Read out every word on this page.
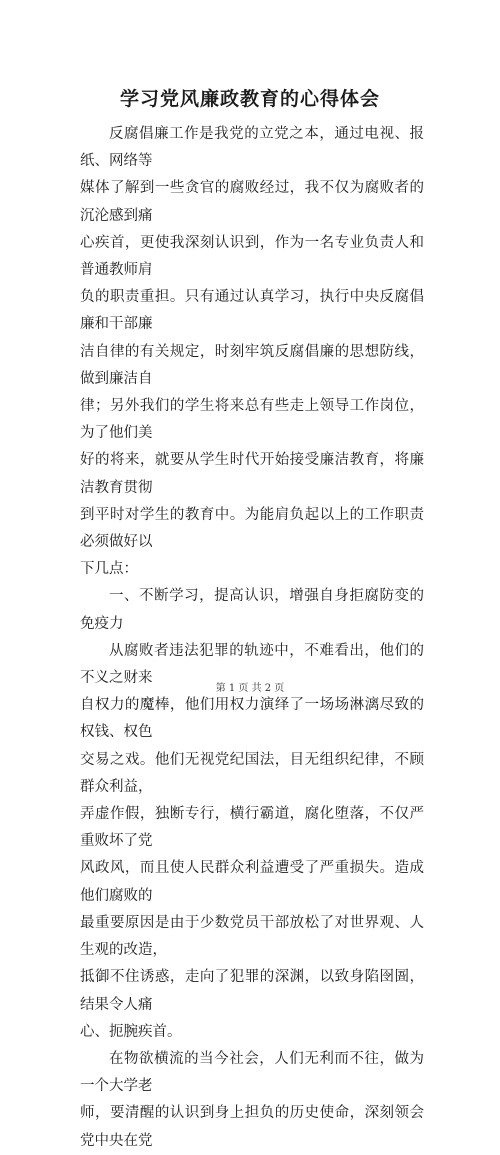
学习党风廉政教育的心得体会

反腐倡廉工作是我党的立党之本，通过电视、报纸、网络等
媒体了解到一些贪官的腐败经过，我不仅为腐败者的沉沦感到痛
心疾首，更使我深刻认识到，作为一名专业负责人和普通教师肩
负的职责重担。只有通过认真学习，执行中央反腐倡廉和干部廉
洁自律的有关规定，时刻牢筑反腐倡廉的思想防线，做到廉洁自
律；另外我们的学生将来总有些走上领导工作岗位，为了他们美
好的将来，就要从学生时代开始接受廉洁教育，将廉洁教育贯彻
到平时对学生的教育中。为能肩负起以上的工作职责必须做好以
下几点：

一、不断学习，提高认识，增强自身拒腐防变的免疫力

从腐败者违法犯罪的轨迹中，不难看出，他们的不义之财来
自权力的魔棒，他们用权力演绎了一场场淋漓尽致的权钱、权色
交易之戏。他们无视党纪国法，目无组织纪律，不顾群众利益，
弄虚作假，独断专行，横行霸道，腐化堕落，不仅严重败坏了党
风政风，而且使人民群众利益遭受了严重损失。造成他们腐败的
最重要原因是由于少数党员干部放松了对世界观、人生观的改造，
抵御不住诱惑，走向了犯罪的深渊，以致身陷囹圄，结果令人痛
心、扼腕疾首。

在物欲横流的当今社会，人们无利而不往，做为一个大学老
师，要清醒的认识到身上担负的历史使命，深刻领会党中央在党

第 1 页 共 2 页
